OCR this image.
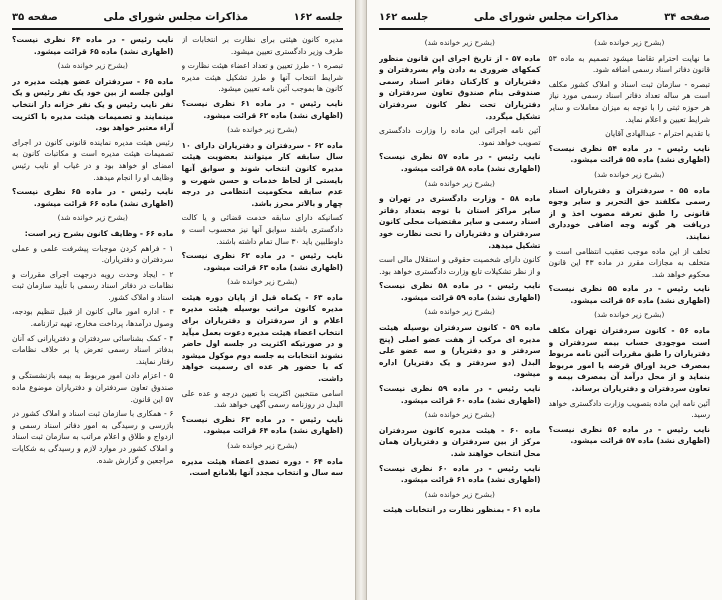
جلسه ۱۶۲
مذاکرات مجلس شورای ملی
صفحه ۳۵

مدیره کانون هیئتی برای نظارت بر انتخابات از طرف وزیر دادگستری تعیین میشود.

تبصره ۱ - طرز تعیین و تعداد اعضاء هیئت نظارت و شرایط انتخاب آنها و طرز تشکیل هیئت مدیره کانون ها بموجب آئین نامه تعیین میشود.

نایب رئیس - در ماده ۶۱ نظری نیست؟ (اظهاری نشد) ماده ۶۲ قرائت میشود.

(بشرح زیر خوانده شد)

ماده ۶۲ - سردفتران و دفتریاران دارای ۱۰ سال سابقه کار میتوانند بعضویت هیئت مدیره کانون انتخاب شوند و سوابق آنها بایستی از لحاظ خدمات و حسن شهرت و عدم سابقه محکومیت انتظامی در درجه چهار و بالاتر محرز باشد.

کسانیکه دارای سابقه خدمت قضائی و یا کالت دادگستری باشند سوابق آنها نیز محسوب است و داوطلبین باید ۳۰ سال تمام داشته باشند.

نایب رئیس - در ماده ۶۲ نظری نیست؟ (اظهاری نشد) ماده ۶۳ قرائت میشود.

(بشرح زیر خوانده شد)

ماده ۶۳ - یکماه قبل از پایان دوره هیئت مدیره کانون مراتب بوسیله هیئت مدیره اعلام و از سردفتران و دفتریاران برای انتخاب اعضاء هیئت مدیره دعوت بعمل میآید و در صورتیکه اکثریت در جلسه اول حاضر نشوند انتخابات به جلسه دوم موکول میشود که با حضور هر عده ای رسمیت خواهد داشت.

اسامی منتخبین اکثریت با تعیین درجه و عده علی البدل در روزنامه رسمی آگهی خواهد شد.

نایب رئیس - در ماده ۶۳ نظری نیست؟ (اظهاری نشد) ماده ۶۴ قرائت میشود.

(بشرح زیر خوانده شد)

ماده ۶۴ - دوره تصدی اعضاء هیئت مدیره سه سال و انتخاب مجدد آنها بلامانع است.

نایب رئیس - در ماده ۶۴ نظری نیست؟ (اظهاری نشد) ماده ۶۵ قرائت میشود.

(بشرح زیر خوانده شد)

ماده ۶۵ - سردفتران عضو هیئت مدیره در اولین جلسه از بین خود یک نفر رئیس و یک نفر نایب رئیس و یک نفر خزانه دار انتخاب مینمایند و تصمیمات هیئت مدیره با اکثریت آراء معتبر خواهد بود.

رئیس هیئت مدیره نماینده قانونی کانون در اجرای تصمیمات هیئت مدیره است و مکاتبات کانون به امضای او خواهد بود و در غیاب او نایب رئیس وظایف او را انجام میدهد.

نایب رئیس - در ماده ۶۵ نظری نیست؟ (اظهاری نشد) ماده ۶۶ قرائت میشود.

(بشرح زیر خوانده شد)

ماده ۶۶ - وظایف کانون بشرح زیر است:

۱ - فراهم کردن موجبات پیشرفت علمی و عملی سردفتران و دفتریاران.

۲ - ایجاد وحدت رویه درجهت اجرای مقررات و نظامات در دفاتر اسناد رسمی با تأیید سازمان ثبت اسناد و املاک کشور.

۳ - اداره امور مالی کانون از قبیل تنظیم بودجه، وصول درآمدها، پرداخت مخارج، تهیه ترازنامه.

۴ - کمک بشناسائی سردفتران و دفتریارانی که آنان بدفاتر اسناد رسمی تعرض یا بر خلاف نظامات رفتار نمایند.

۵ - اعزام دادن امور مربوط به بیمه بازنشستگی و صندوق تعاون سردفتران و دفتریاران موضوع ماده ۵۷ این قانون.

۶ - همکاری با سازمان ثبت اسناد و املاک کشور در بازرسی و رسیدگی به امور دفاتر اسناد رسمی و ازدواج و طلاق و اعلام مراتب به سازمان ثبت اسناد و املاک کشور در موارد لازم و رسیدگی به شکایات مراجعین و گزارش شده.

صفحه ۳۴
مذاکرات مجلس شورای ملی
جلسه ۱۶۲

(بشرح زیر خوانده شد)

ما نهایت احترام تقاضا میشود تصمیم به ماده ۵۳ قانون دفاتر اسناد رسمی اضافه شود.

تبصره - سازمان ثبت اسناد و املاک کشور مکلف است هر ساله تعداد دفاتر اسناد رسمی مورد نیاز هر حوزه ثبتی را با توجه به میزان معاملات و سایر شرایط تعیین و اعلام نماید.

با تقدیم احترام - عبدالهادی آقایان

نایب رئیس - در ماده ۵۴ نظری نیست؟ (اظهاری نشد) ماده ۵۵ قرائت میشود.

(بشرح زیر خوانده شد)

ماده ۵۵ - سردفتران و دفتریاران اسناد رسمی مکلفند حق التحریر و سایر وجوه قانونی را طبق تعرفه مصوب اخذ و از دریافت هر گونه وجه اضافی خودداری نمایند.

تخلف از این ماده موجب تعقیب انتظامی است و متخلف به مجازات مقرر در ماده ۴۳ این قانون محکوم خواهد شد.

نایب رئیس - در ماده ۵۵ نظری نیست؟ (اظهاری نشد) ماده ۵۶ قرائت میشود.

(بشرح زیر خوانده شد)

ماده ۵۶ - کانون سردفتران تهران مکلف است موجودی حساب بیمه سردفتران و دفتریاران را طبق مقررات آئین نامه مربوط بمصرف خرید اوراق قرضه یا امور مربوط بنماید و از محل درآمد آن بمصرف بیمه و تعاون سردفتران و دفتریاران برساند.

آئین نامه این ماده بتصویب وزارت دادگستری خواهد رسید.

نایب رئیس - در ماده ۵۶ نظری نیست؟ (اظهاری نشد) ماده ۵۷ قرائت میشود.

(بشرح زیر خوانده شد)

ماده ۵۷ - از تاریخ اجرای این قانون منظور کمکهای ضروری به دادن وام بسردفتران و دفتریاران و کارکنان دفاتر اسناد رسمی صندوقی بنام صندوق تعاون سردفتران و دفتریاران تحت نظر کانون سردفتران تشکیل میگردد.

آئین نامه اجرائی این ماده را وزارت دادگستری تصویب خواهد نمود.

نایب رئیس - در ماده ۵۷ نظری نیست؟ (اظهاری نشد) ماده ۵۸ قرائت میشود.

(بشرح زیر خوانده شد)

ماده ۵۸ - وزارت دادگستری در تهران و سایر مراکز استان با توجه بتعداد دفاتر اسناد رسمی و سایر مقتضیات محلی کانون سردفتران و دفتریاران را تحت نظارت خود تشکیل میدهد.

کانون دارای شخصیت حقوقی و استقلال مالی است و از نظر تشکیلات تابع وزارت دادگستری خواهد بود.

نایب رئیس - در ماده ۵۸ نظری نیست؟ (اظهاری نشد) ماده ۵۹ قرائت میشود.

(بشرح زیر خوانده شد)

ماده ۵۹ - کانون سردفتران بوسیله هیئت مدیره ای مرکب از هفت عضو اصلی (پنج سردفتر و دو دفتریار) و سه عضو علی البدل (دو سردفتر و یک دفتریار) اداره میشود.

نایب رئیس - در ماده ۵۹ نظری نیست؟ (اظهاری نشد) ماده ۶۰ قرائت میشود.

(بشرح زیر خوانده شد)

ماده ۶۰ - هیئت مدیره کانون سردفتران مرکز از بین سردفتران و دفتریاران همان محل انتخاب خواهند شد.

نایب رئیس - در ماده ۶۰ نظری نیست؟ (اظهاری نشد) ماده ۶۱ قرائت میشود.

(بشرح زیر خوانده شد)

ماده ۶۱ - بمنظور نظارت در انتخابات هیئت
